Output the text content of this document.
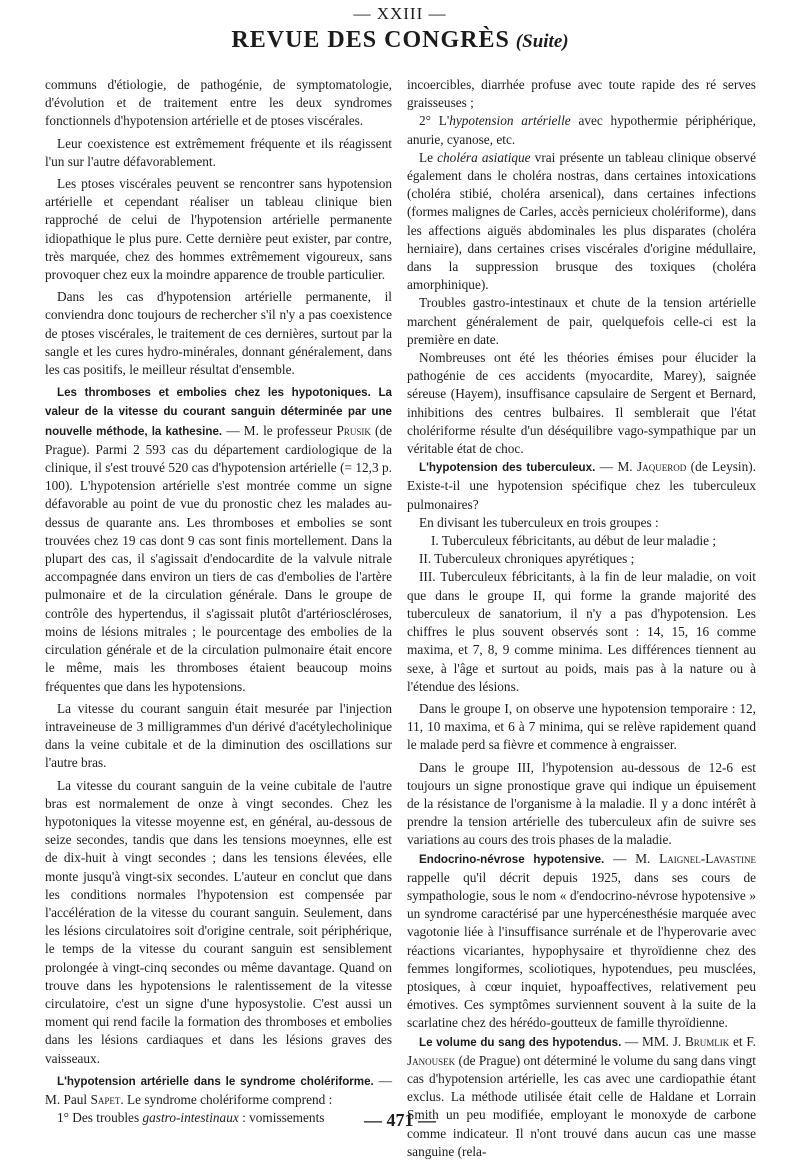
— XXIII —

REVUE DES CONGRÈS (Suite)

communs d'étiologie, de pathogénie, de symptomatologie, d'évolution et de traitement entre les deux syndromes fonctionnels d'hypotension artérielle et de ptoses viscérales.

Leur coexistence est extrêmement fréquente et ils réagissent l'un sur l'autre défavorablement.

Les ptoses viscérales peuvent se rencontrer sans hypotension artérielle et cependant réaliser un tableau clinique bien rapproché de celui de l'hypotension artérielle permanente idiopathique le plus pure. Cette dernière peut exister, par contre, très marquée, chez des hommes extrêmement vigoureux, sans provoquer chez eux la moindre apparence de trouble particulier.

Dans les cas d'hypotension artérielle permanente, il conviendra donc toujours de rechercher s'il n'y a pas coexistence de ptoses viscérales, le traitement de ces dernières, surtout par la sangle et les cures hydro-minérales, donnant généralement, dans les cas positifs, le meilleur résultat d'ensemble.

Les thromboses et embolies chez les hypotoniques. La valeur de la vitesse du courant sanguin déterminée par une nouvelle méthode, la kathesine. — M. le professeur Prusik (de Prague). Parmi 2 593 cas du département cardiologique de la clinique, il s'est trouvé 520 cas d'hypotension artérielle (= 12,3 p. 100). L'hypotension artérielle s'est montrée comme un signe défavorable au point de vue du pronostic chez les malades au-dessus de quarante ans. Les thromboses et embolies se sont trouvées chez 19 cas dont 9 cas sont finis mortellement. Dans la plupart des cas, il s'agissait d'endocardite de la valvule nitrale accompagnée dans environ un tiers de cas d'embolies de l'artère pulmonaire et de la circulation générale. Dans le groupe de contrôle des hypertendus, il s'agissait plutôt d'artérioscléroses, moins de lésions mitrales ; le pourcentage des embolies de la circulation générale et de la circulation pulmonaire était encore le même, mais les thromboses étaient beaucoup moins fréquentes que dans les hypotensions.

La vitesse du courant sanguin était mesurée par l'injection intraveineuse de 3 milligrammes d'un dérivé d'acétylecholinique dans la veine cubitale et de la diminution des oscillations sur l'autre bras.

La vitesse du courant sanguin de la veine cubitale de l'autre bras est normalement de onze à vingt secondes. Chez les hypotoniques la vitesse moyenne est, en général, au-dessous de seize secondes, tandis que dans les tensions moeynnes, elle est de dix-huit à vingt secondes ; dans les tensions élevées, elle monte jusqu'à vingt-six secondes. L'auteur en conclut que dans les conditions normales l'hypotension est compensée par l'accélération de la vitesse du courant sanguin. Seulement, dans les lésions circulatoires soit d'origine centrale, soit périphérique, le temps de la vitesse du courant sanguin est sensiblement prolongée à vingt-cinq secondes ou même davantage. Quand on trouve dans les hypotensions le ralentissement de la vitesse circulatoire, c'est un signe d'une hyposystolie. C'est aussi un moment qui rend facile la formation des thromboses et embolies dans les lésions cardiaques et dans les lésions graves des vaisseaux.

L'hypotension artérielle dans le syndrome cholériforme. — M. Paul Sapet. Le syndrome cholériforme comprend :

1° Des troubles gastro-intestinaux : vomissements

incoercibles, diarrhée profuse avec toute rapide des ré serves graisseuses ;

2° L'hypotension artérielle avec hypothermie périphérique, anurie, cyanose, etc.

Le choléra asiatique vrai présente un tableau clinique observé également dans le choléra nostras, dans certaines intoxications (choléra stibié, choléra arsenical), dans certaines infections (formes malignes de Carles, accès pernicieux cholériforme), dans les affections aiguës abdominales les plus disparates (choléra herniaire), dans certaines crises viscérales d'origine médullaire, dans la suppression brusque des toxiques (choléra amorphinique).

Troubles gastro-intestinaux et chute de la tension artérielle marchent généralement de pair, quelquefois celle-ci est la première en date.

Nombreuses ont été les théories émises pour élucider la pathogénie de ces accidents (myocardite, Marey), saignée séreuse (Hayem), insuffisance capsulaire de Sergent et Bernard, inhibitions des centres bulbaires. Il semblerait que l'état cholériforme résulte d'un déséquilibre vago-sympathique par un véritable état de choc.

L'hypotension des tuberculeux. — M. Jaquerod (de Leysin). Existe-t-il une hypotension spécifique chez les tuberculeux pulmonaires?

En divisant les tuberculeux en trois groupes :

I. Tuberculeux fébricitants, au début de leur maladie ;

II. Tuberculeux chroniques apyrétiques ;

III. Tuberculeux fébricitants, à la fin de leur maladie, on voit que dans le groupe II, qui forme la grande majorité des tuberculeux de sanatorium, il n'y a pas d'hypotension. Les chiffres le plus souvent observés sont : 14, 15, 16 comme maxima, et 7, 8, 9 comme minima. Les différences tiennent au sexe, à l'âge et surtout au poids, mais pas à la nature ou à l'étendue des lésions.

Dans le groupe I, on observe une hypotension temporaire : 12, 11, 10 maxima, et 6 à 7 minima, qui se relève rapidement quand le malade perd sa fièvre et commence à engraisser.

Dans le groupe III, l'hypotension au-dessous de 12-6 est toujours un signe pronostique grave qui indique un épuisement de la résistance de l'organisme à la maladie. Il y a donc intérêt à prendre la tension artérielle des tuberculeux afin de suivre ses variations au cours des trois phases de la maladie.

Endocrino-névrose hypotensive. — M. Laignel-Lavastine rappelle qu'il décrit depuis 1925, dans ses cours de sympathologie, sous le nom « d'endocrino-névrose hypotensive » un syndrome caractérisé par une hypercénesthésie marquée avec vagotonie liée à l'insuffisance surrénale et de l'hyperovarie avec réactions vicariantes, hypophysaire et thyroïdienne chez des femmes longiformes, scoliotiques, hypotendues, peu musclées, ptosiques, à cœur inquiet, hypoaffectives, relativement peu émotives. Ces symptômes surviennent souvent à la suite de la scarlatine chez des hérédo-goutteux de famille thyroïdienne.

Le volume du sang des hypotendus. — MM. J. Brumlik et F. Janousek (de Prague) ont déterminé le volume du sang dans vingt cas d'hypotension artérielle, les cas avec une cardiopathie étant exclus. La méthode utilisée était celle de Haldane et Lorrain Smith un peu modifiée, employant le monoxyde de carbone comme indicateur. Il n'ont trouvé dans aucun cas une masse sanguine (rela-

— 471 —
